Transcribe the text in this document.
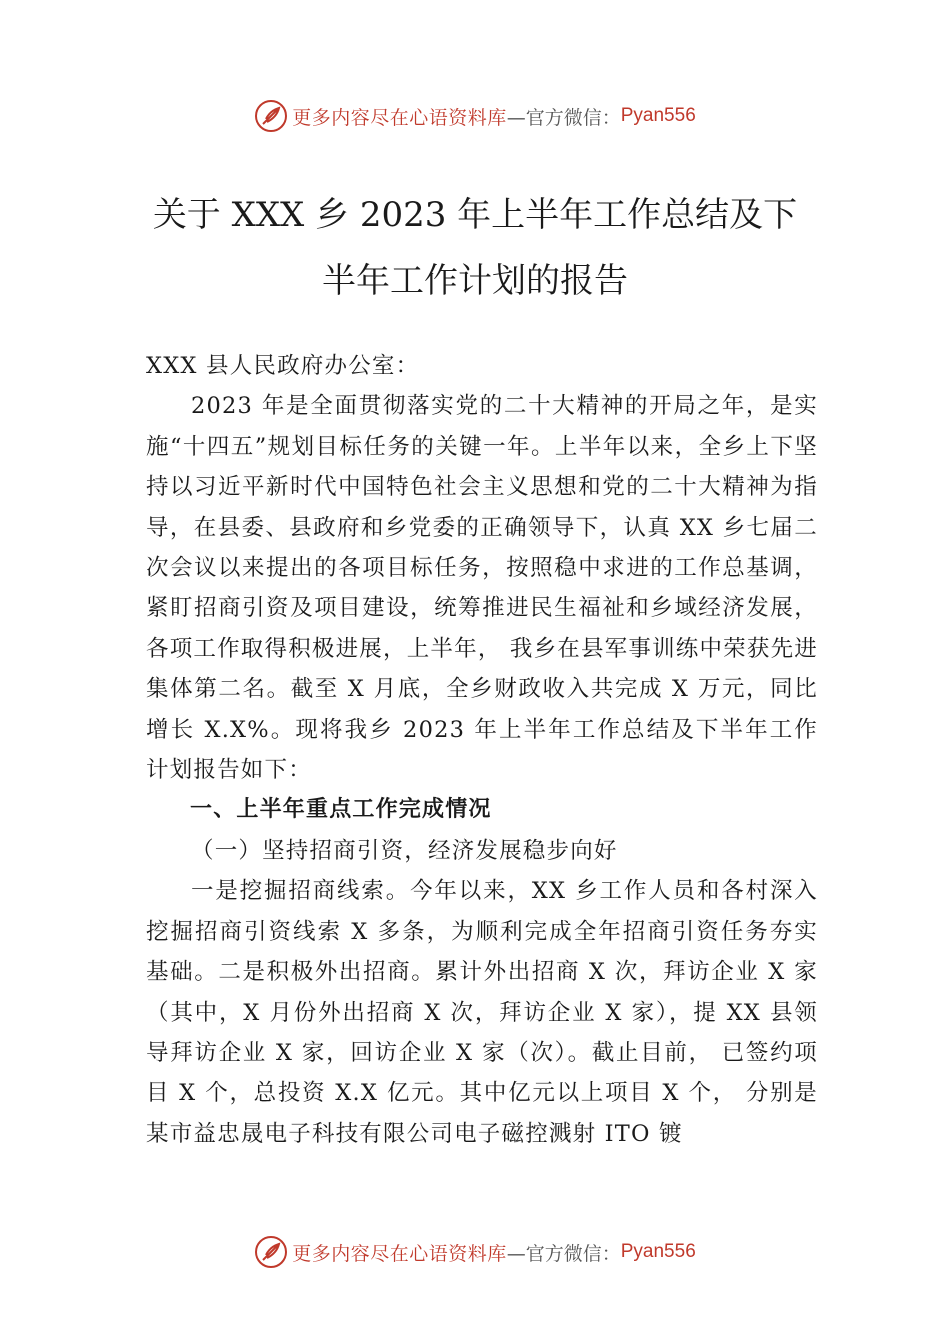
更多内容尽在心语资料库 —官方微信： Pyan556
关于 XXX 乡 2023 年上半年工作总结及下
半年工作计划的报告

XXX 县人民政府办公室：

2023 年是全面贯彻落实党的二十大精神的开局之年，是实施“十四五”规划目标任务的关键一年。上半年以来，全乡上下坚持以习近平新时代中国特色社会主义思想和党的二十大精神为指导，在县委、县政府和乡党委的正确领导下，认真 XX 乡七届二次会议以来提出的各项目标任务，按照稳中求进的工作总基调，紧盯招商引资及项目建设，统筹推进民生福祉和乡域经济发展，各项工作取得积极进展，上半年， 我乡在县军事训练中荣获先进集体第二名。截至 X 月底，全乡财政收入共完成 X 万元，同比增长 X.X%。现将我乡 2023 年上半年工作总结及下半年工作计划报告如下：

一、上半年重点工作完成情况

（一）坚持招商引资，经济发展稳步向好

一是挖掘招商线索。今年以来，XX 乡工作人员和各村深入挖掘招商引资线索 X 多条，为顺利完成全年招商引资任务夯实基础。二是积极外出招商。累计外出招商 X 次，拜访企业 X 家（其中，X 月份外出招商 X 次，拜访企业 X 家），提 XX 县领导拜访企业 X 家，回访企业 X 家（次）。截止目前， 已签约项目 X 个，总投资 X.X 亿元。其中亿元以上项目 X 个， 分别是某市益忠晟电子科技有限公司电子磁控溅射 ITO 镀

更多内容尽在心语资料库 —官方微信： Pyan556
